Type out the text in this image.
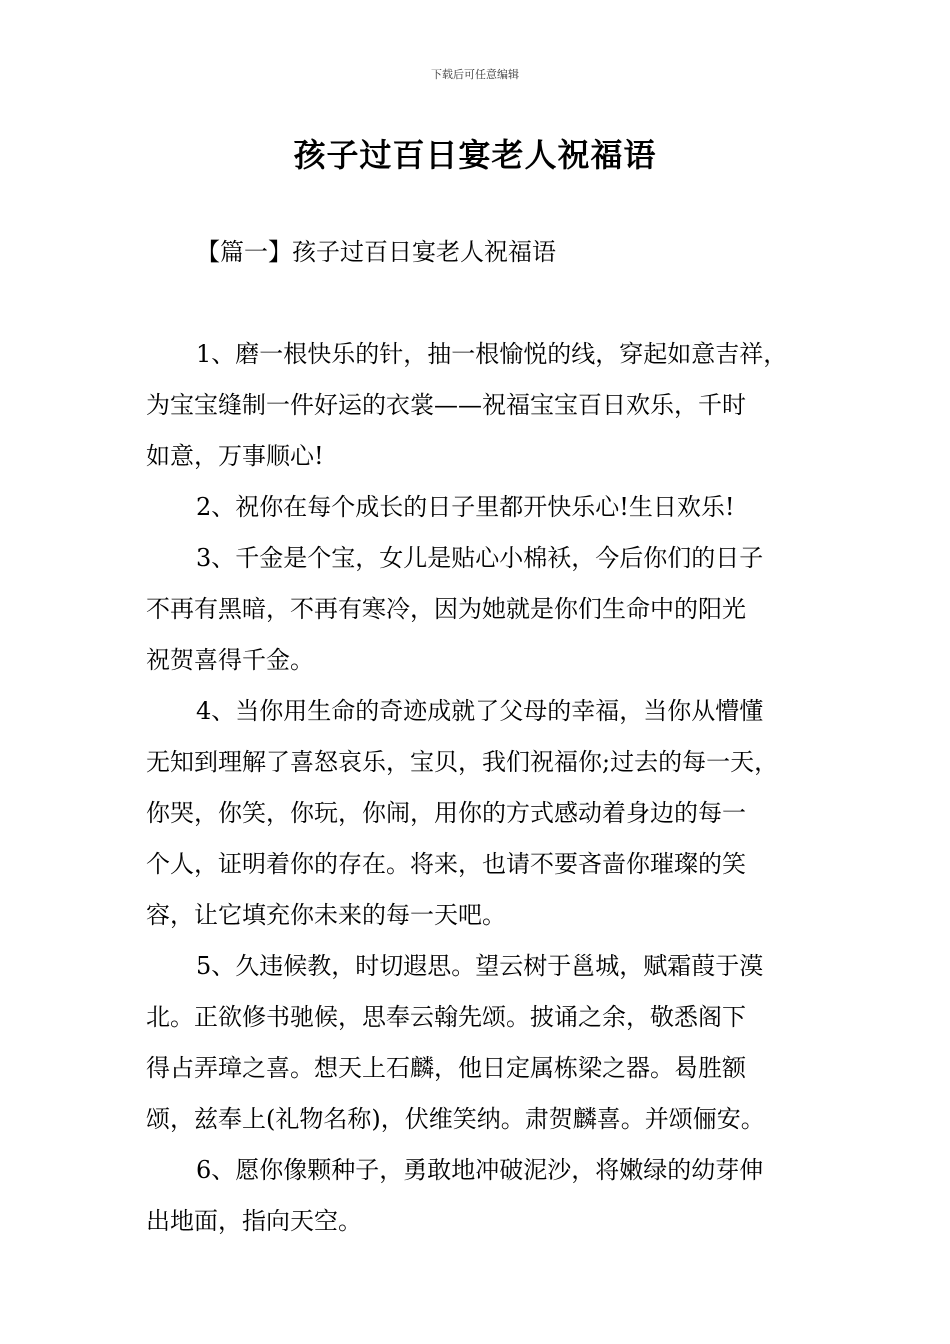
下载后可任意编辑
孩子过百日宴老人祝福语
【篇一】孩子过百日宴老人祝福语
1、磨一根快乐的针，抽一根愉悦的线，穿起如意吉祥，
为宝宝缝制一件好运的衣裳——祝福宝宝百日欢乐，千时
如意，万事顺心!
2、祝你在每个成长的日子里都开快乐心!生日欢乐!
3、千金是个宝，女儿是贴心小棉袄，今后你们的日子
不再有黑暗，不再有寒冷，因为她就是你们生命中的阳光
祝贺喜得千金。
4、当你用生命的奇迹成就了父母的幸福，当你从懵懂
无知到理解了喜怒哀乐，宝贝，我们祝福你;过去的每一天，
你哭，你笑，你玩，你闹，用你的方式感动着身边的每一
个人，证明着你的存在。将来，也请不要吝啬你璀璨的笑
容，让它填充你未来的每一天吧。
5、久违候教，时切遐思。望云树于邕城，赋霜葭于漠
北。正欲修书驰候，思奉云翰先颂。披诵之余，敬悉阁下
得占弄璋之喜。想天上石麟，他日定属栋梁之器。曷胜额
颂，兹奉上(礼物名称)，伏维笑纳。肃贺麟喜。并颂俪安。
6、愿你像颗种子，勇敢地冲破泥沙，将嫩绿的幼芽伸
出地面，指向天空。
